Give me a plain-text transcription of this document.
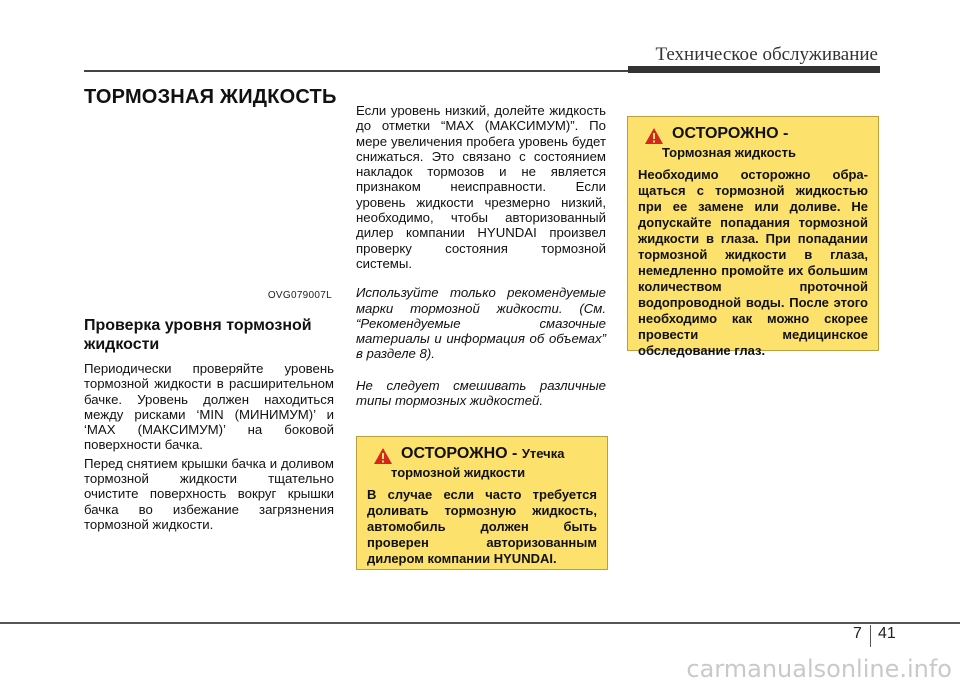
Техническое обслуживание
ТОРМОЗНАЯ ЖИДКОСТЬ
OVG079007L
Проверка уровня тормозной жидкости

Периодически проверяйте уровень тормозной жидкости в расширительном бачке. Уровень должен находиться между рисками ‘MIN (МИНИМУМ)’ и ‘MAX (МАКСИМУМ)’ на боковой поверхности бачка.

Перед снятием крышки бачка и доливом тормозной жидкости тщательно очистите поверхность вокруг крышки бачка во избежание загрязнения тормозной жидкости.

Если уровень низкий, долейте жидкость до отметки “MAX (МАКСИМУМ)”. По мере увеличения пробега уровень будет снижаться. Это связано с состоянием накладок тормозов и не является признаком неисправности. Если уровень жидкости чрезмерно низкий, необходимо, чтобы авторизованный дилер компании HYUNDAI произвел проверку состояния тормозной системы.

Используйте только рекомендуемые марки тормозной жидкости. (См. “Рекомендуемые смазочные материалы и информация об объемах” в разделе 8).

Не следует смешивать различные типы тормозных жидкостей.

ОСТОРОЖНО -
Тормозная жидкость
Необходимо осторожно обра-щаться с тормозной жидкостью при ее замене или доливе. Не допускайте попадания тормозной жидкости в глаза. При попадании тормозной жидкости в глаза, немедленно промойте их большим количеством проточной водопроводной воды. После этого необходимо как можно скорее провести медицинское обследование глаз.
ОСТОРОЖНО - Утечка
тормозной жидкости
В случае если часто требуется доливать тормозную жидкость, автомобиль должен быть проверен авторизованным дилером компании HYUNDAI.
7 41
carmanualsonline.info
